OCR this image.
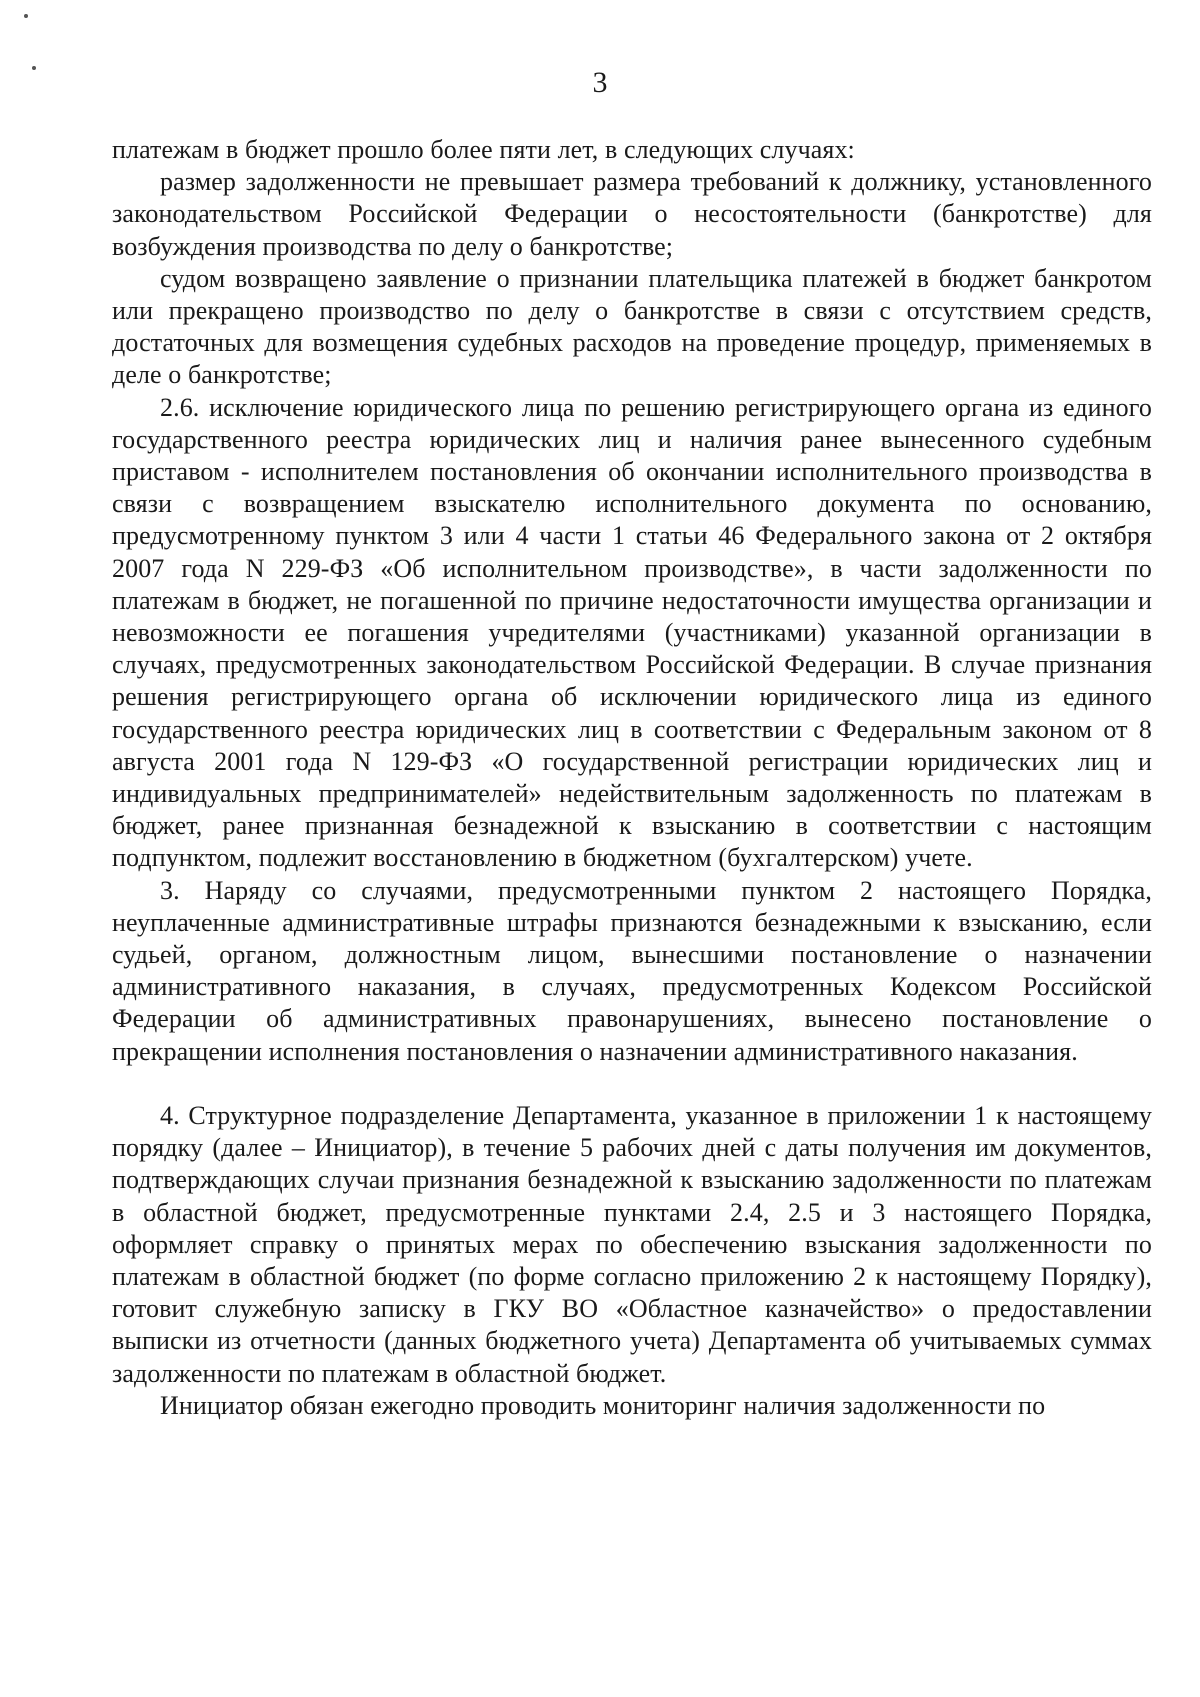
3

платежам в бюджет прошло более пяти лет, в следующих случаях:

размер задолженности не превышает размера требований к должнику, установленного законодательством Российской Федерации о несостоятельности (банкротстве) для возбуждения производства по делу о банкротстве;

судом возвращено заявление о признании плательщика платежей в бюджет банкротом или прекращено производство по делу о банкротстве в связи с отсутствием средств, достаточных для возмещения судебных расходов на проведение процедур, применяемых в деле о банкротстве;

2.6. исключение юридического лица по решению регистрирующего органа из единого государственного реестра юридических лиц и наличия ранее вынесенного судебным приставом - исполнителем постановления об окончании исполнительного производства в связи с возвращением взыскателю исполнительного документа по основанию, предусмотренному пунктом 3 или 4 части 1 статьи 46 Федерального закона от 2 октября 2007 года N 229-ФЗ «Об исполнительном производстве», в части задолженности по платежам в бюджет, не погашенной по причине недостаточности имущества организации и невозможности ее погашения учредителями (участниками) указанной организации в случаях, предусмотренных законодательством Российской Федерации. В случае признания решения регистрирующего органа об исключении юридического лица из единого государственного реестра юридических лиц в соответствии с Федеральным законом от 8 августа 2001 года N 129-ФЗ «О государственной регистрации юридических лиц и индивидуальных предпринимателей» недействительным задолженность по платежам в бюджет, ранее признанная безнадежной к взысканию в соответствии с настоящим подпунктом, подлежит восстановлению в бюджетном (бухгалтерском) учете.

3. Наряду со случаями, предусмотренными пунктом 2 настоящего Порядка, неуплаченные административные штрафы признаются безнадежными к взысканию, если судьей, органом, должностным лицом, вынесшими постановление о назначении административного наказания, в случаях, предусмотренных Кодексом Российской Федерации об административных правонарушениях, вынесено постановление о прекращении исполнения постановления о назначении административного наказания.

4. Структурное подразделение Департамента, указанное в приложении 1 к настоящему порядку (далее – Инициатор), в течение 5 рабочих дней с даты получения им документов, подтверждающих случаи признания безнадежной к взысканию задолженности по платежам в областной бюджет, предусмотренные пунктами 2.4, 2.5 и 3 настоящего Порядка, оформляет справку о принятых мерах по обеспечению взыскания задолженности по платежам в областной бюджет (по форме согласно приложению 2 к настоящему Порядку), готовит служебную записку в ГКУ ВО «Областное казначейство» о предоставлении выписки из отчетности (данных бюджетного учета) Департамента об учитываемых суммах задолженности по платежам в областной бюджет.

Инициатор обязан ежегодно проводить мониторинг наличия задолженности по
